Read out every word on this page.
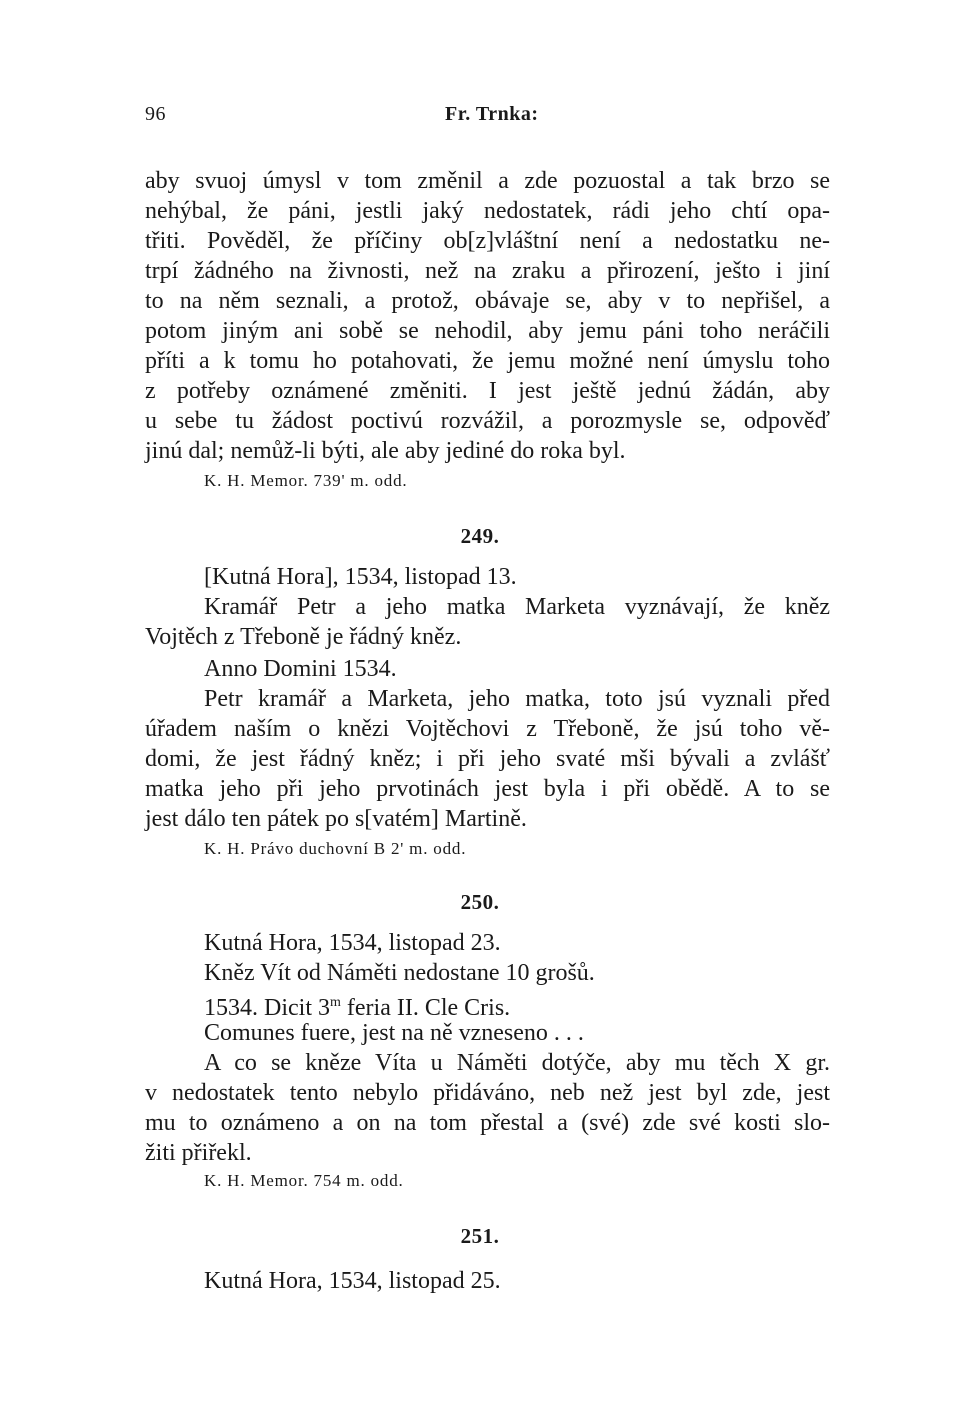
96	Fr. Trnka:
aby svuoj úmysl v tom změnil a zde pozuostal a tak brzo se
nehýbal, že páni, jestli jaký nedostatek, rádi jeho chtí opa-
třiti. Pověděl, že příčiny ob[z]vláštní není a nedostatku ne-
trpí žádného na živnosti, než na zraku a přirození, ješto i jiní
to na něm seznali, a protož, obávaje se, aby v to nepřišel, a
potom jiným ani sobě se nehodil, aby jemu páni toho neráčili
příti a k tomu ho potahovati, že jemu možné není úmyslu toho
z potřeby oznámené změniti. I jest ještě jednú žádán, aby
u sebe tu žádost poctivú rozvážil, a porozmysle se, odpověď
jinú dal; nemůž-li býti, ale aby jediné do roka byl.
K. H. Memor. 739' m. odd.
249.
[Kutná Hora], 1534, listopad 13.
Kramář Petr a jeho matka Marketa vyznávají, že kněz
Vojtěch z Třeboně je řádný kněz.
Anno Domini 1534.
Petr kramář a Marketa, jeho matka, toto jsú vyznali před
úřadem naším o knězi Vojtěchovi z Třeboně, že jsú toho vě-
domi, že jest řádný kněz; i při jeho svaté mši bývali a zvlášť
matka jeho při jeho prvotinách jest byla i při obědě. A to se
jest dálo ten pátek po s[vatém] Martině.
K. H. Právo duchovní B 2' m. odd.
250.
Kutná Hora, 1534, listopad 23.
Kněz Vít od Náměti nedostane 10 grošů.
1534. Dicit 3$^m$ feria II. Cle Cris.
Comunes fuere, jest na ně vzneseno . . .
A co se kněze Víta u Náměti dotýče, aby mu těch X gr.
v nedostatek tento nebylo přidáváno, neb než jest byl zde, jest
mu to oznámeno a on na tom přestal a (své) zde své kosti slo-
žiti přiřekl.
K. H. Memor. 754 m. odd.
251.
Kutná Hora, 1534, listopad 25.
